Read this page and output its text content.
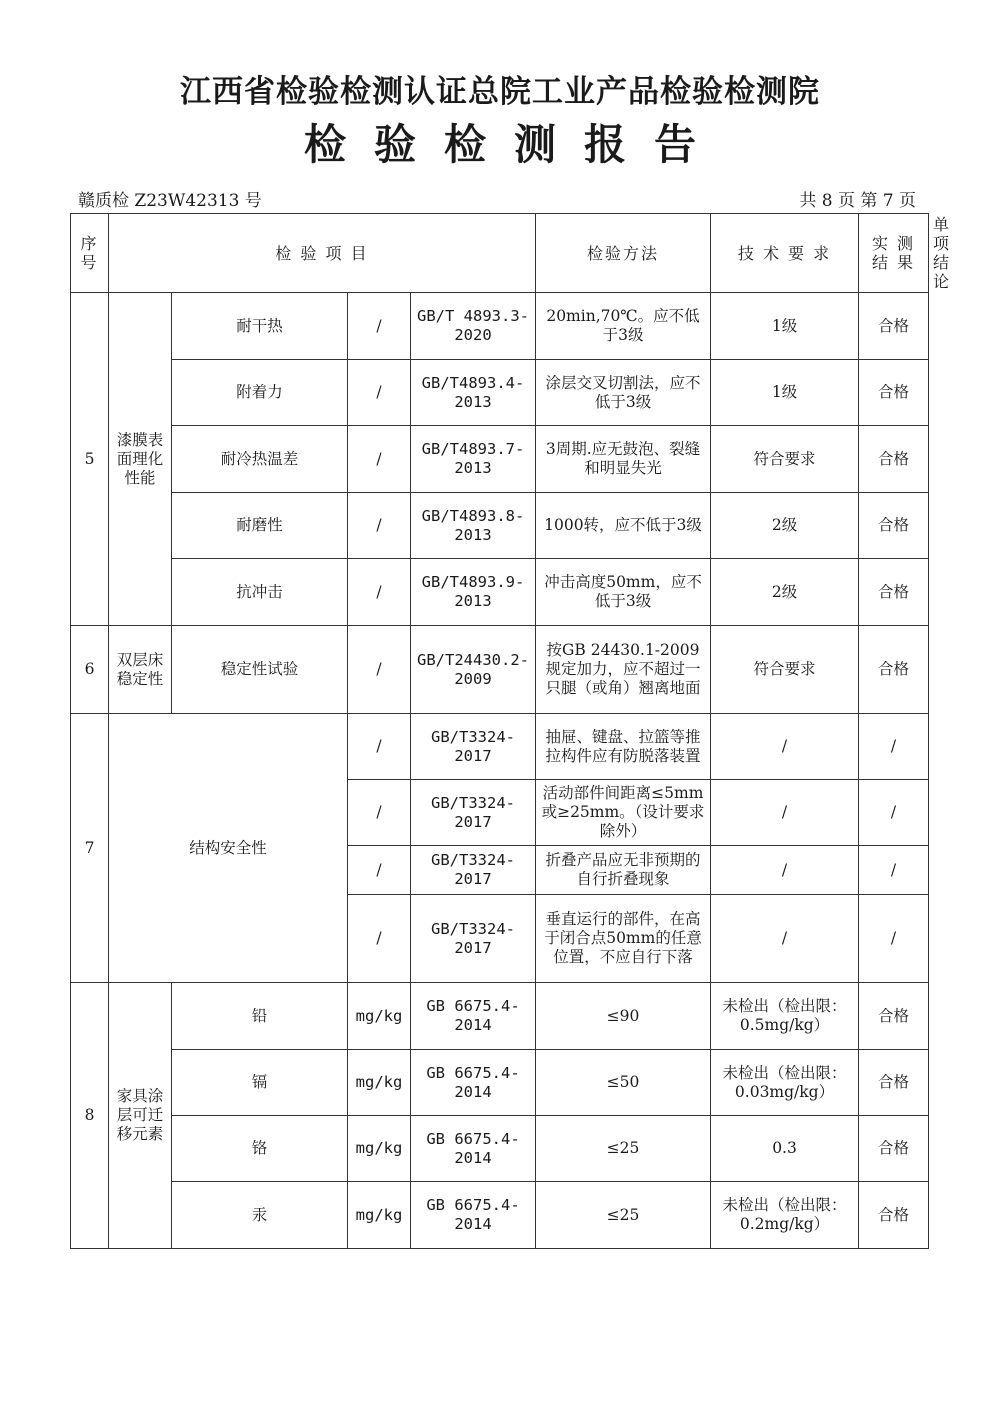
江西省检验检测认证总院工业产品检验检测院
检验检测报告
赣质检 Z23W42313 号	共 8 页 第 7 页
序号	检 验 项 目				检验方法	技 术 要 求	实 测 结 果	单项结论
5	漆膜表面理化性能	耐干热	/	GB/T 4893.3-2020	20min,70℃。应不低于3级	1级	合格	
		附着力	/	GB/T4893.4-2013	涂层交叉切割法，应不低于3级	1级	合格	
		耐冷热温差	/	GB/T4893.7-2013	3周期.应无鼓泡、裂缝和明显失光	符合要求	合格	
		耐磨性	/	GB/T4893.8-2013	1000转，应不低于3级	2级	合格	
		抗冲击	/	GB/T4893.9-2013	冲击高度50mm，应不低于3级	2级	合格	
6	双层床稳定性	稳定性试验	/	GB/T24430.2-2009	按GB 24430.1-2009规定加力，应不超过一只腿（或角）翘离地面	符合要求	合格	
7	结构安全性		/	GB/T3324-2017	抽屉、键盘、拉篮等推拉构件应有防脱落装置	/	/	
			/	GB/T3324-2017	活动部件间距离≤5mm或≥25mm。（设计要求除外）	/	/	
			/	GB/T3324-2017	折叠产品应无非预期的自行折叠现象	/	/	
			/	GB/T3324-2017	垂直运行的部件，在高于闭合点50mm的任意位置，不应自行下落	/	/	
8	家具涂层可迁移元素	铅	mg/kg	GB 6675.4-2014	≤90	未检出（检出限：0.5mg/kg）	合格	
		镉	mg/kg	GB 6675.4-2014	≤50	未检出（检出限：0.03mg/kg）	合格	
		铬	mg/kg	GB 6675.4-2014	≤25	0.3	合格	
		汞	mg/kg	GB 6675.4-2014	≤25	未检出（检出限：0.2mg/kg）	合格	
